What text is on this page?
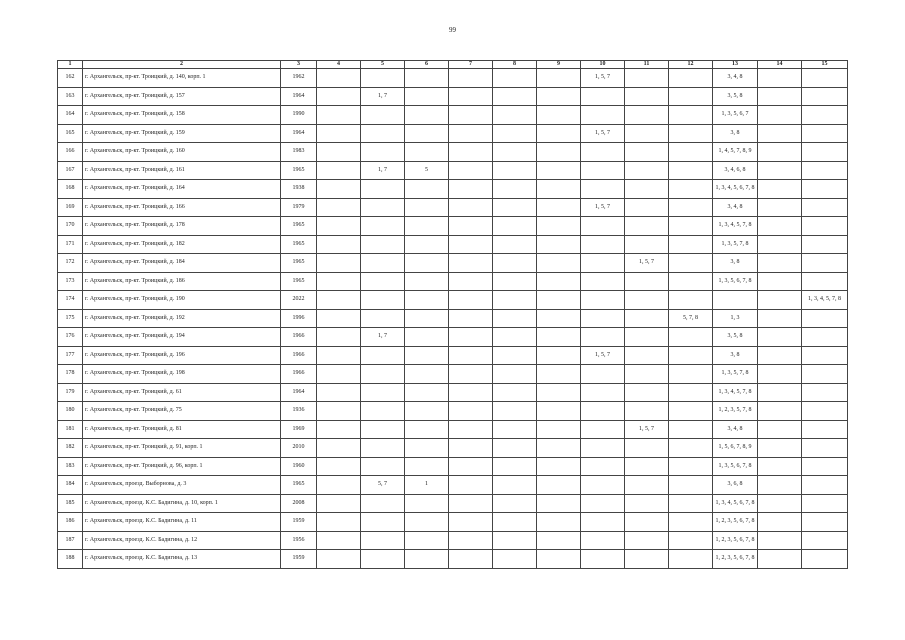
99
1	2	3	4	5	6	7	8	9	10	11	12	13	14	15
162	г. Архангельск, пр-кт. Троицкий, д. 140, корп. 1	1962							1, 5, 7			3, 4, 8		
163	г. Архангельск, пр-кт. Троицкий, д. 157	1964		1, 7								3, 5, 8		
164	г. Архангельск, пр-кт. Троицкий, д. 158	1990										1, 3, 5, 6, 7		
165	г. Архангельск, пр-кт. Троицкий, д. 159	1964							1, 5, 7			3, 8		
166	г. Архангельск, пр-кт. Троицкий, д. 160	1983										1, 4, 5, 7, 8, 9		
167	г. Архангельск, пр-кт. Троицкий, д. 161	1965		1, 7	5							3, 4, 6, 8		
168	г. Архангельск, пр-кт. Троицкий, д. 164	1938										1, 3, 4, 5, 6, 7, 8		
169	г. Архангельск, пр-кт. Троицкий, д. 166	1979							1, 5, 7			3, 4, 8		
170	г. Архангельск, пр-кт. Троицкий, д. 178	1965										1, 3, 4, 5, 7, 8		
171	г. Архангельск, пр-кт. Троицкий, д. 182	1965										1, 3, 5, 7, 8		
172	г. Архангельск, пр-кт. Троицкий, д. 184	1965								1, 5, 7		3, 8		
173	г. Архангельск, пр-кт. Троицкий, д. 186	1965										1, 3, 5, 6, 7, 8		
174	г. Архангельск, пр-кт. Троицкий, д. 190	2022												1, 3, 4, 5, 7, 8
175	г. Архангельск, пр-кт. Троицкий, д. 192	1996									5, 7, 8	1, 3		
176	г. Архангельск, пр-кт. Троицкий, д. 194	1966		1, 7								3, 5, 8		
177	г. Архангельск, пр-кт. Троицкий, д. 196	1966							1, 5, 7			3, 8		
178	г. Архангельск, пр-кт. Троицкий, д. 198	1966										1, 3, 5, 7, 8		
179	г. Архангельск, пр-кт. Троицкий, д. 61	1964										1, 3, 4, 5, 7, 8		
180	г. Архангельск, пр-кт. Троицкий, д. 75	1936										1, 2, 3, 5, 7, 8		
181	г. Архангельск, пр-кт. Троицкий, д. 81	1969								1, 5, 7		3, 4, 8		
182	г. Архангельск, пр-кт. Троицкий, д. 91, корп. 1	2010										1, 5, 6, 7, 8, 9		
183	г. Архангельск, пр-кт. Троицкий, д. 96, корп. 1	1960										1, 3, 5, 6, 7, 8		
184	г. Архангельск, проезд. Выборнова, д. 3	1965		5, 7	1							3, 6, 8		
185	г. Архангельск, проезд. К.С. Бадигина, д. 10, корп. 1	2008										1, 3, 4, 5, 6, 7, 8		
186	г. Архангельск, проезд. К.С. Бадигина, д. 11	1959										1, 2, 3, 5, 6, 7, 8		
187	г. Архангельск, проезд. К.С. Бадигина, д. 12	1956										1, 2, 3, 5, 6, 7, 8		
188	г. Архангельск, проезд. К.С. Бадигина, д. 13	1959										1, 2, 3, 5, 6, 7, 8		
